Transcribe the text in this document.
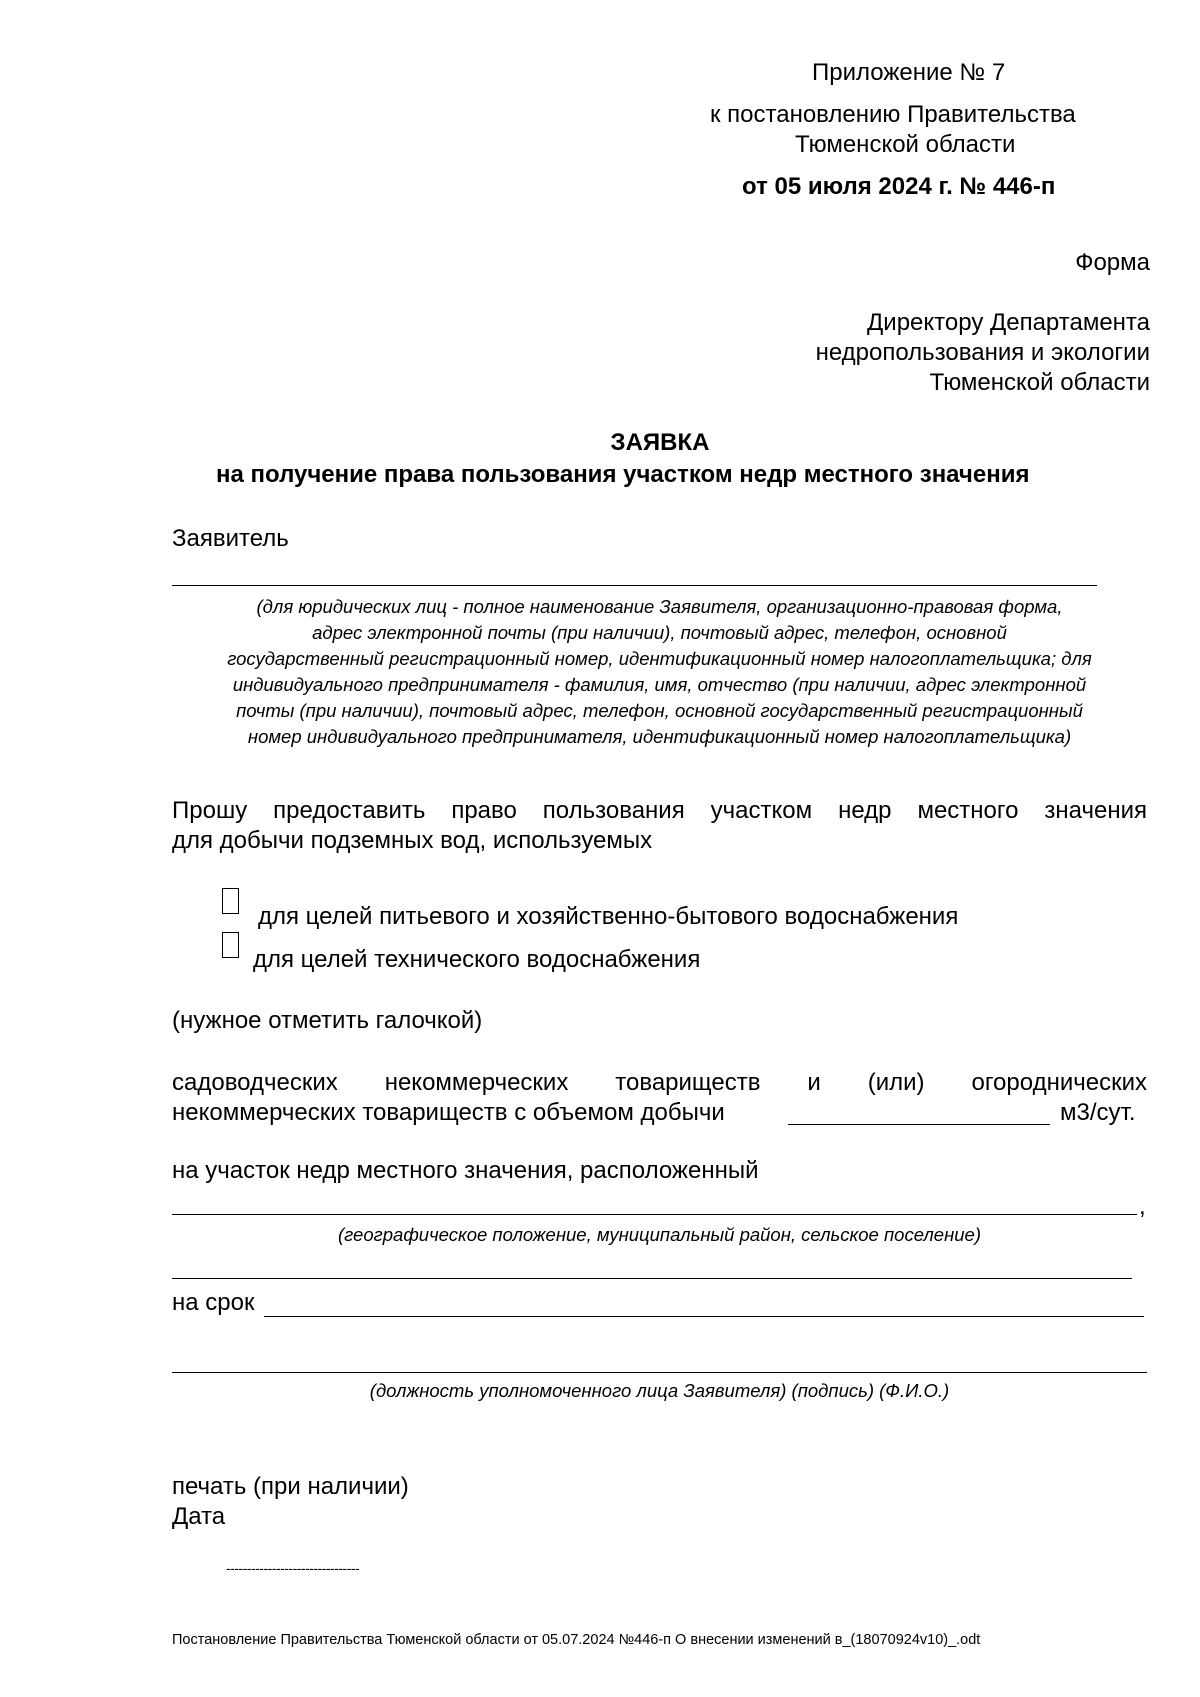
Приложение № 7
к постановлению Правительства
Тюменской области
от 05 июля 2024 г. № 446-п
Форма
Директору Департамента
недропользования и экологии
Тюменской области
ЗАЯВКА
на получение права пользования участком недр местного значения
Заявитель
(для юридических лиц - полное наименование Заявителя, организационно-правовая форма,
адрес электронной почты (при наличии), почтовый адрес, телефон, основной
государственный регистрационный номер, идентификационный номер налогоплательщика; для
индивидуального предпринимателя - фамилия, имя, отчество (при наличии, адрес электронной
почты (при наличии), почтовый адрес, телефон, основной государственный регистрационный
номер индивидуального предпринимателя, идентификационный номер налогоплательщика)
Прошу предоставить право пользования участком недр местного значения
для добычи подземных вод, используемых
для целей питьевого и хозяйственно-бытового водоснабжения
для целей технического водоснабжения
(нужное отметить галочкой)
садоводческих некоммерческих товариществ и (или) огороднических
некоммерческих товариществ с объемом добычи	м3/сут.
на участок недр местного значения, расположенный
,
(географическое положение, муниципальный район, сельское поселение)
на срок
(должность уполномоченного лица Заявителя) (подпись) (Ф.И.О.)
печать (при наличии)
Дата
--------------------------------
Постановление Правительства Тюменской области от 05.07.2024 №446-п О внесении изменений в_(18070924v10)_.odt
